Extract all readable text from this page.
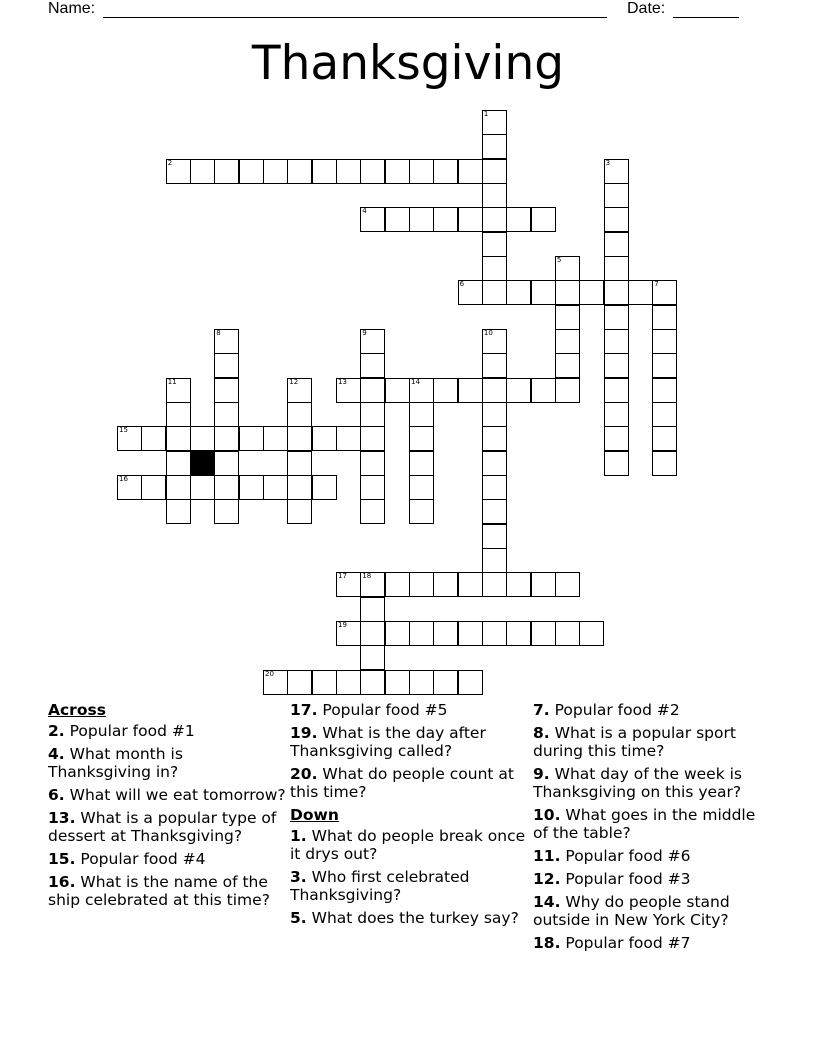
Name:	Date:
Thanksgiving
2
4
6	7
13	14
15
16
17 18
19
20
1
3
5
8	9	10
11	12
Across
2. Popular food #1
4. What month is Thanksgiving in?
6. What will we eat tomorrow?
13. What is a popular type of dessert at Thanksgiving?
15. Popular food #4
16. What is the name of the ship celebrated at this time?
17. Popular food #5
19. What is the day after Thanksgiving called?
20. What do people count at this time?
Down
1. What do people break once it drys out?
3. Who first celebrated Thanksgiving?
5. What does the turkey say?
7. Popular food #2
8. What is a popular sport during this time?
9. What day of the week is Thanksgiving on this year?
10. What goes in the middle of the table?
11. Popular food #6
12. Popular food #3
14. Why do people stand outside in New York City?
18. Popular food #7
